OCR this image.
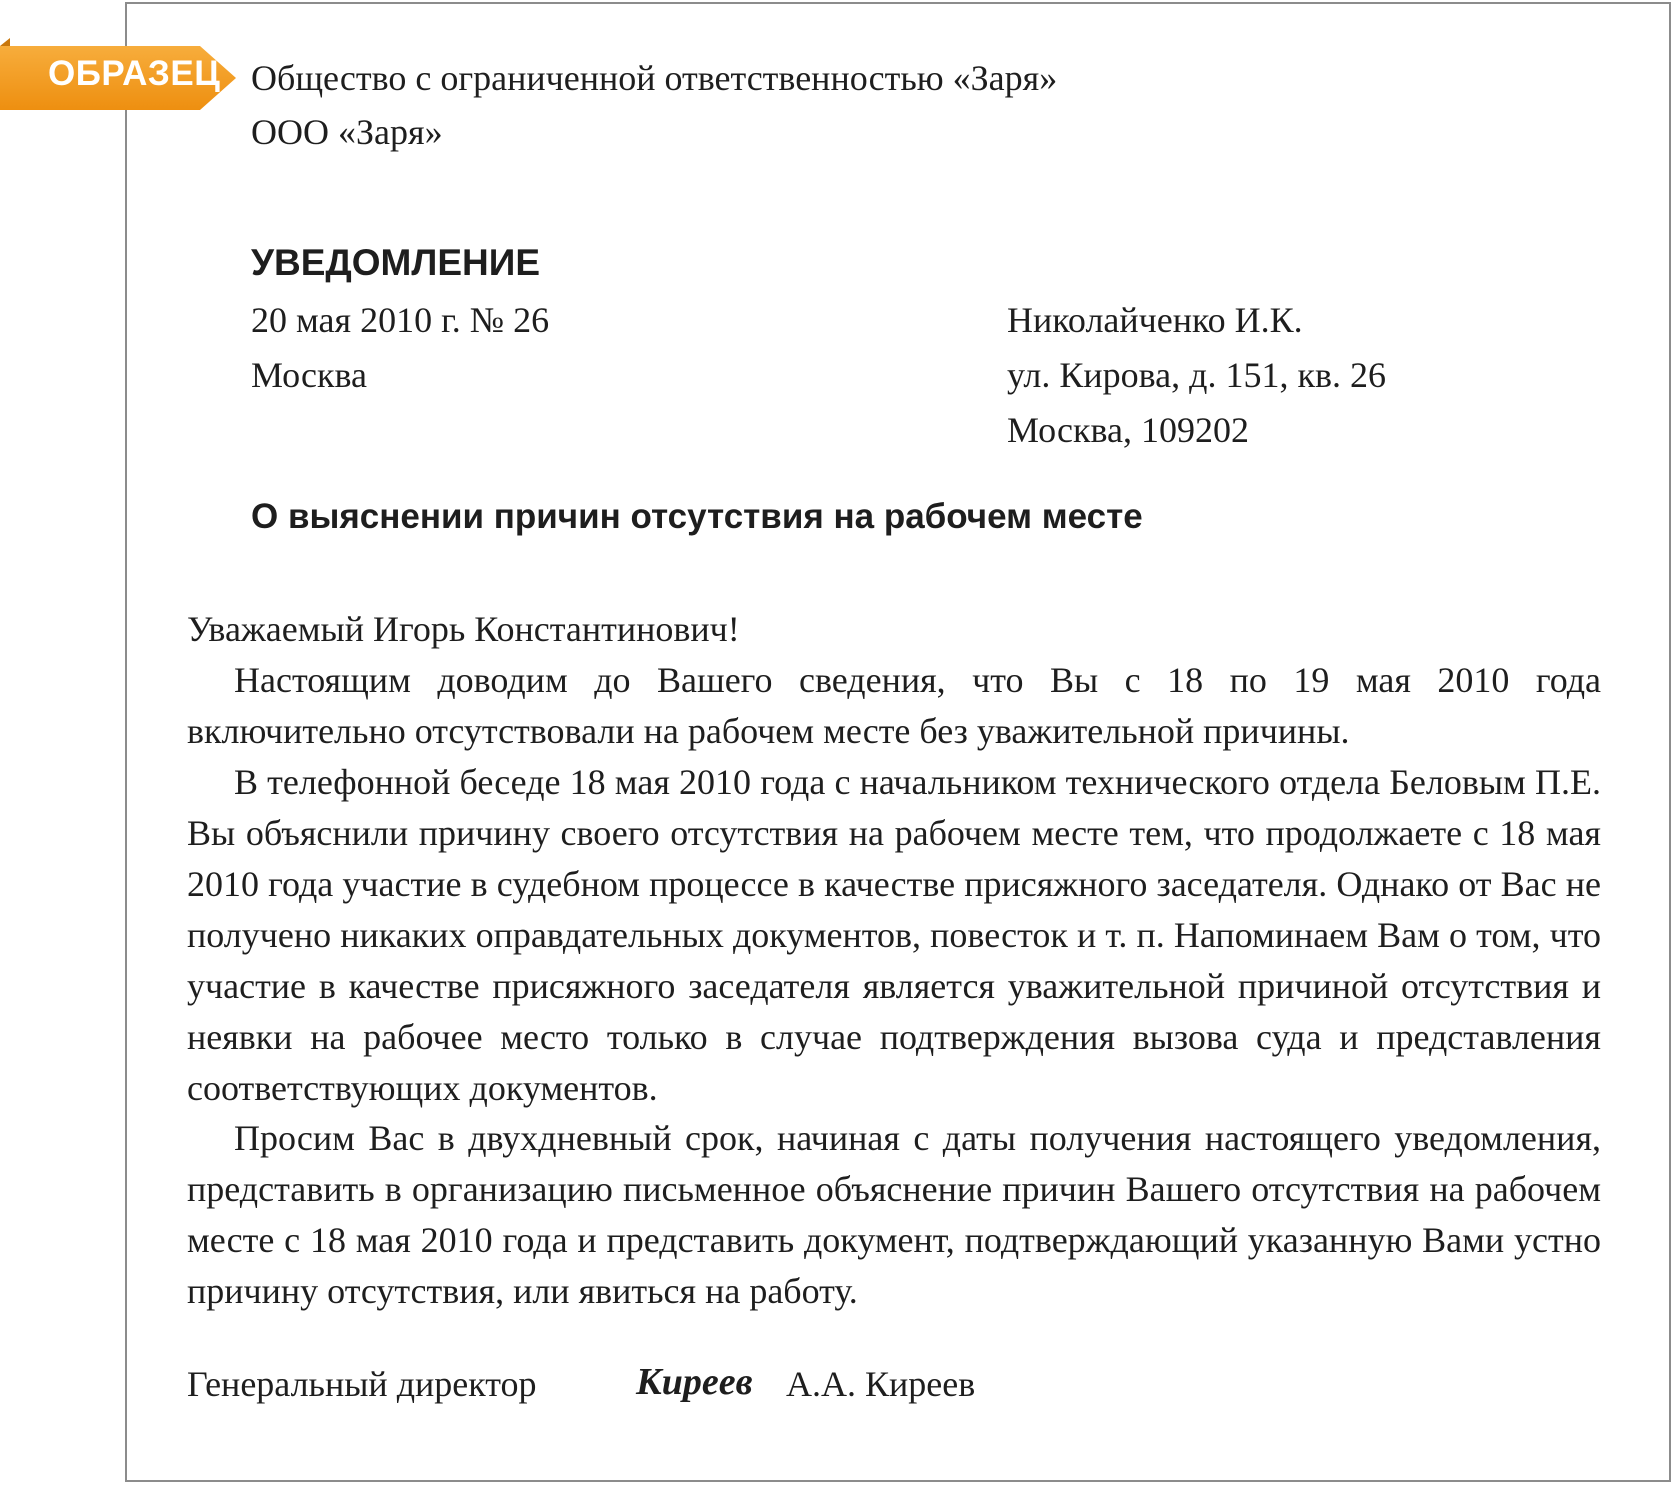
ОБРАЗЕЦ Общество с ограниченной ответственностью «Заря»
ООО «Заря»
УВЕДОМЛЕНИЕ
20 мая 2010 г. № 26
Москва
Николайченко И.К.
ул. Кирова, д. 151, кв. 26
Москва, 109202
О выяснении причин отсутствия на рабочем месте
Уважаемый Игорь Константинович!

Настоящим доводим до Вашего сведения, что Вы с 18 по 19 мая 2010 года включительно отсутствовали на рабочем месте без уважительной причины.

В телефонной беседе 18 мая 2010 года с начальником технического отдела Беловым П.Е. Вы объяснили причину своего отсутствия на рабочем месте тем, что продолжаете с 18 мая 2010 года участие в судебном процессе в качестве присяжного заседателя. Однако от Вас не получено никаких оправдательных документов, повесток и т. п. Напоминаем Вам о том, что участие в качестве присяжного заседателя является уважительной причиной отсутствия и неявки на рабочее место только в случае подтверждения вызова суда и представления соответствующих документов.

Просим Вас в двухдневный срок, начиная с даты получения настоящего уведомления, представить в организацию письменное объяснение причин Вашего отсутствия на рабочем месте с 18 мая 2010 года и представить документ, подтверждающий указанную Вами устно причину отсутствия, или явиться на работу.

Генеральный директор	Киреев А.А. Киреев
